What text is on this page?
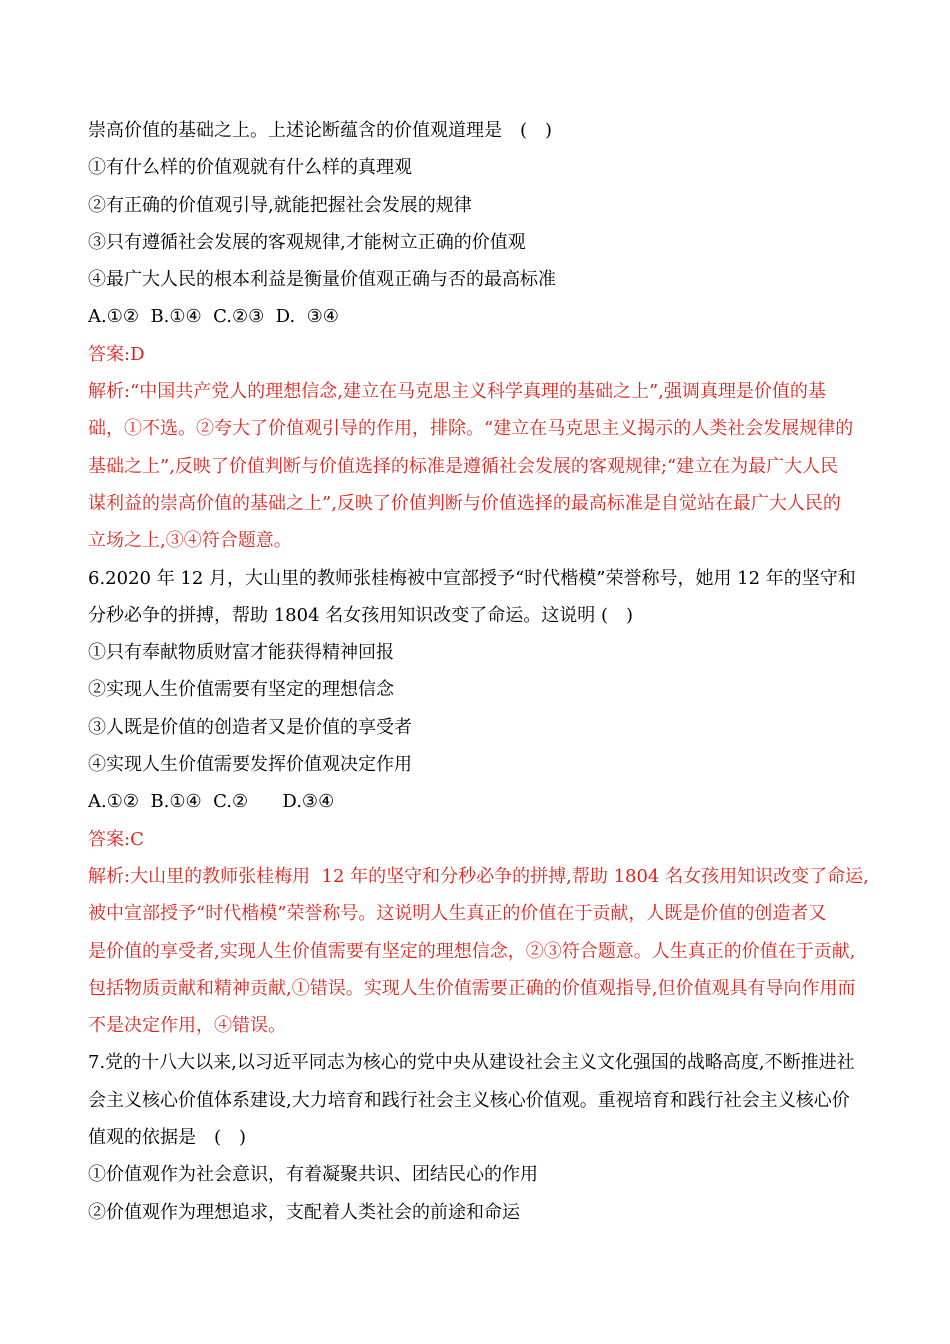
崇高价值的基础之上。上述论断蕴含的价值观道理是　(　)
①有什么样的价值观就有什么样的真理观
②有正确的价值观引导,就能把握社会发展的规律
③只有遵循社会发展的客观规律,才能树立正确的价值观
④最广大人民的根本利益是衡量价值观正确与否的最高标准
A.①②  B.①④  C.②③  D.  ③④
答案:D
解析:“中国共产党人的理想信念,建立在马克思主义科学真理的基础之上”,强调真理是价值的基
础，①不选。②夸大了价值观引导的作用，排除。“建立在马克思主义揭示的人类社会发展规律的
基础之上”,反映了价值判断与价值选择的标准是遵循社会发展的客观规律;“建立在为最广大人民
谋利益的崇高价值的基础之上”,反映了价值判断与价值选择的最高标准是自觉站在最广大人民的
立场之上,③④符合题意。
6.2020 年 12 月，大山里的教师张桂梅被中宣部授予“时代楷模”荣誉称号，她用 12 年的坚守和
分秒必争的拼搏，帮助 1804 名女孩用知识改变了命运。这说明 (　)
①只有奉献物质财富才能获得精神回报
②实现人生价值需要有坚定的理想信念
③人既是价值的创造者又是价值的享受者
④实现人生价值需要发挥价值观决定作用
A.①②  B.①④  C.②      D.③④
答案:C
解析:大山里的教师张桂梅用  12 年的坚守和分秒必争的拼搏,帮助 1804 名女孩用知识改变了命运,
被中宣部授予“时代楷模”荣誉称号。这说明人生真正的价值在于贡献，人既是价值的创造者又
是价值的享受者,实现人生价值需要有坚定的理想信念，②③符合题意。人生真正的价值在于贡献,
包括物质贡献和精神贡献,①错误。实现人生价值需要正确的价值观指导,但价值观具有导向作用而
不是决定作用，④错误。
7.党的十八大以来,以习近平同志为核心的党中央从建设社会主义文化强国的战略高度,不断推进社
会主义核心价值体系建设,大力培育和践行社会主义核心价值观。重视培育和践行社会主义核心价
值观的依据是　(　)
①价值观作为社会意识，有着凝聚共识、团结民心的作用
②价值观作为理想追求，支配着人类社会的前途和命运
